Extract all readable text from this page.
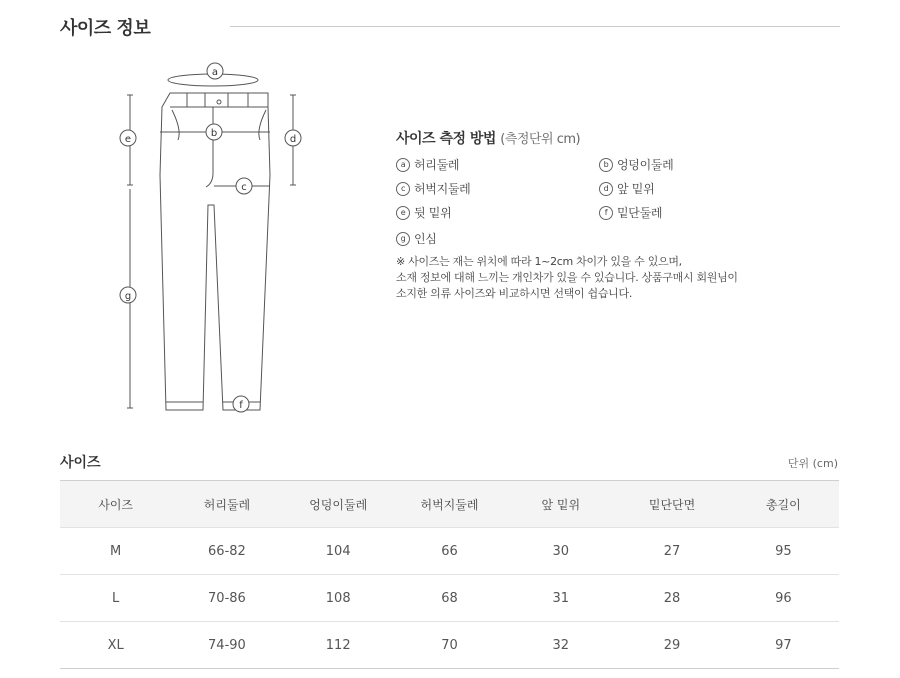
사이즈 정보
a
b
c
d
e
f
g
사이즈 측정 방법 (측정단위 cm)
a 허리둘레	b 엉덩이둘레
c 허벅지둘레	d 앞 밑위
e 뒷 밑위	f 밑단둘레
g 인심
※ 사이즈는 재는 위치에 따라 1~2cm 차이가 있을 수 있으며,
소재 정보에 대해 느끼는 개인차가 있을 수 있습니다. 상품구매시 회원님이
소지한 의류 사이즈와 비교하시면 선택이 쉽습니다.
사이즈	단위 (cm)
사이즈	허리둘레	엉덩이둘레	허벅지둘레	앞 밑위	밑단단면	총길이
M	66-82	104	66	30	27	95
L	70-86	108	68	31	28	96
XL	74-90	112	70	32	29	97
